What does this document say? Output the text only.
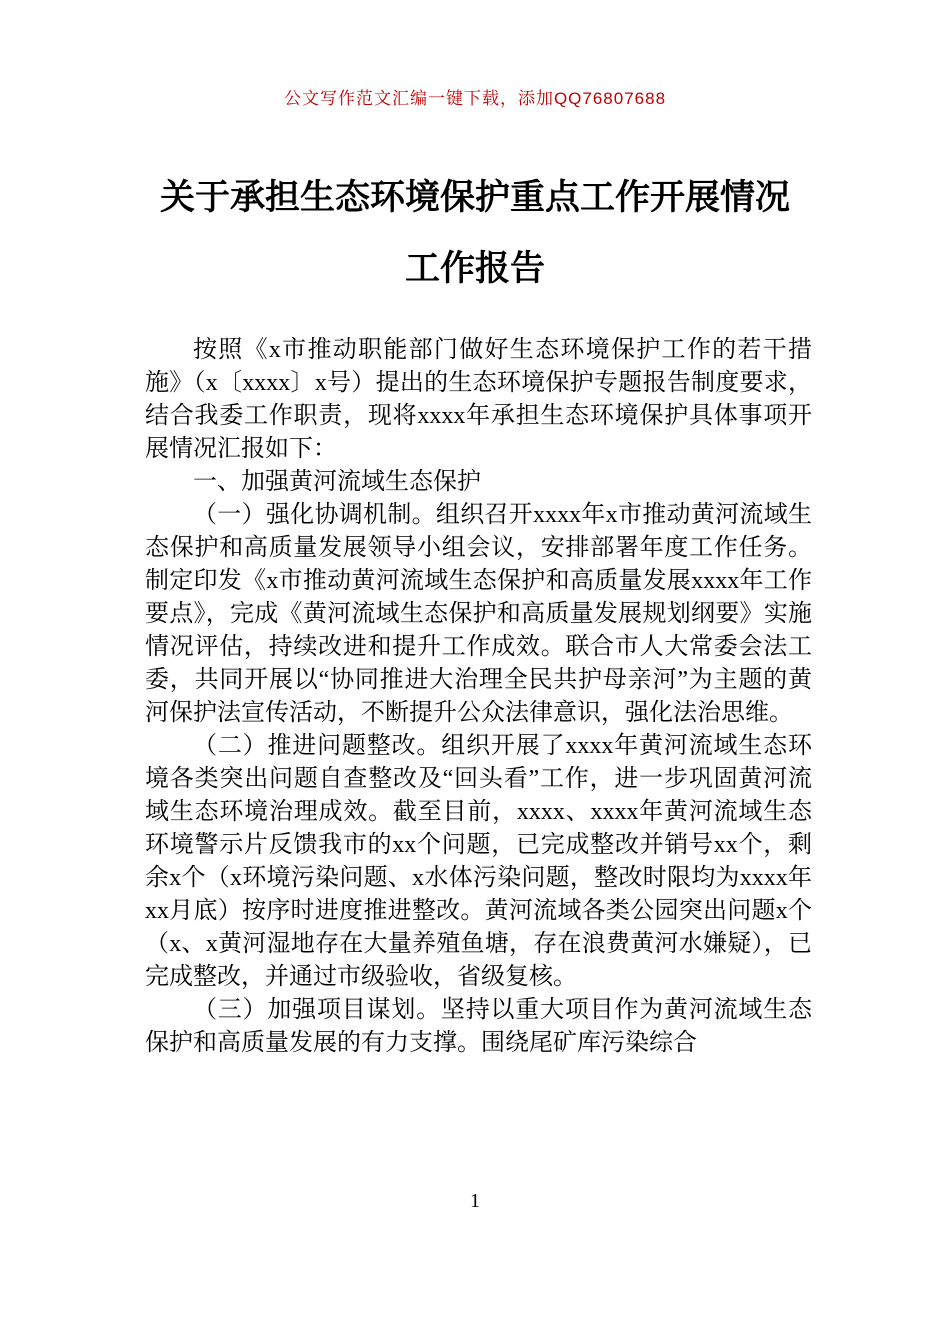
公文写作范文汇编一键下载，添加QQ76807688
关于承担生态环境保护重点工作开展情况
工作报告

按照《x市推动职能部门做好生态环境保护工作的若干措施》（x〔xxxx〕x号）提出的生态环境保护专题报告制度要求，结合我委工作职责，现将xxxx年承担生态环境保护具体事项开展情况汇报如下：

一、加强黄河流域生态保护

（一）强化协调机制。组织召开xxxx年x市推动黄河流域生态保护和高质量发展领导小组会议，安排部署年度工作任务。制定印发《x市推动黄河流域生态保护和高质量发展xxxx年工作要点》，完成《黄河流域生态保护和高质量发展规划纲要》实施情况评估，持续改进和提升工作成效。联合市人大常委会法工委，共同开展以“协同推进大治理全民共护母亲河”为主题的黄河保护法宣传活动，不断提升公众法律意识，强化法治思维。

（二）推进问题整改。组织开展了xxxx年黄河流域生态环境各类突出问题自查整改及“回头看”工作，进一步巩固黄河流域生态环境治理成效。截至目前，xxxx、xxxx年黄河流域生态环境警示片反馈我市的xx个问题，已完成整改并销号xx个，剩余x个（x环境污染问题、x水体污染问题，整改时限均为xxxx年xx月底）按序时进度推进整改。黄河流域各类公园突出问题x个（x、x黄河湿地存在大量养殖鱼塘，存在浪费黄河水嫌疑），已完成整改，并通过市级验收，省级复核。

（三）加强项目谋划。坚持以重大项目作为黄河流域生态保护和高质量发展的有力支撑。围绕尾矿库污染综合

1
